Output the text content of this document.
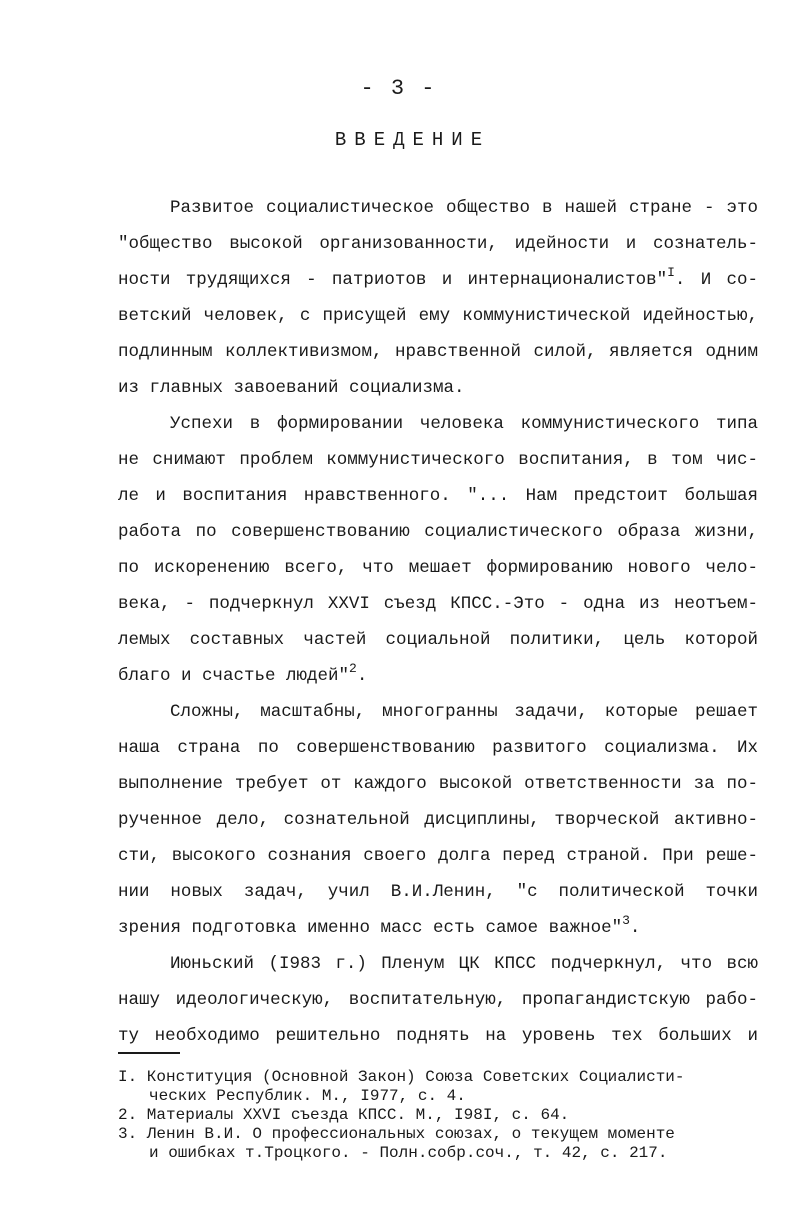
- 3 -
ВВЕДЕНИЕ
Развитое социалистическое общество в нашей стране - это
"общество высокой организованности, идейности и сознатель-
ности трудящихся - патриотов и интернационалистов"$^I$. И со-
ветский человек, с присущей ему коммунистической идейностью,
подлинным коллективизмом, нравственной силой, является одним
из главных завоеваний социализма.
Успехи в формировании человека коммунистического типа
не снимают проблем коммунистического воспитания, в том чис-
ле и воспитания нравственного. "... Нам предстоит большая
работа по совершенствованию социалистического образа жизни,
по искоренению всего, что мешает формированию нового чело-
века, - подчеркнул XXVI съезд КПСС.-Это - одна из неотъем-
лемых составных частей социальной политики, цель которой
благо и счастье людей"$^2$.
Сложны, масштабны, многогранны задачи, которые решает
наша страна по совершенствованию развитого социализма. Их
выполнение требует от каждого высокой ответственности за по-
рученное дело, сознательной дисциплины, творческой активно-
сти, высокого сознания своего долга перед страной. При реше-
нии новых задач, учил В.И.Ленин, "с политической точки
зрения подготовка именно масс есть самое важное"$^3$.
Июньский (I983 г.) Пленум ЦК КПСС подчеркнул, что всю
нашу идеологическую, воспитательную, пропагандистскую рабо-
ту необходимо решительно поднять на уровень тех больших и
I. Конституция (Основной Закон) Союза Советских Социалисти-
ческих Республик. М., I977, с. 4.
2. Материалы XXVI съезда КПСС. М., I98I, с. 64.
3. Ленин В.И. О профессиональных союзах, о текущем моменте
и ошибках т.Троцкого. - Полн.собр.соч., т. 42, с. 217.
